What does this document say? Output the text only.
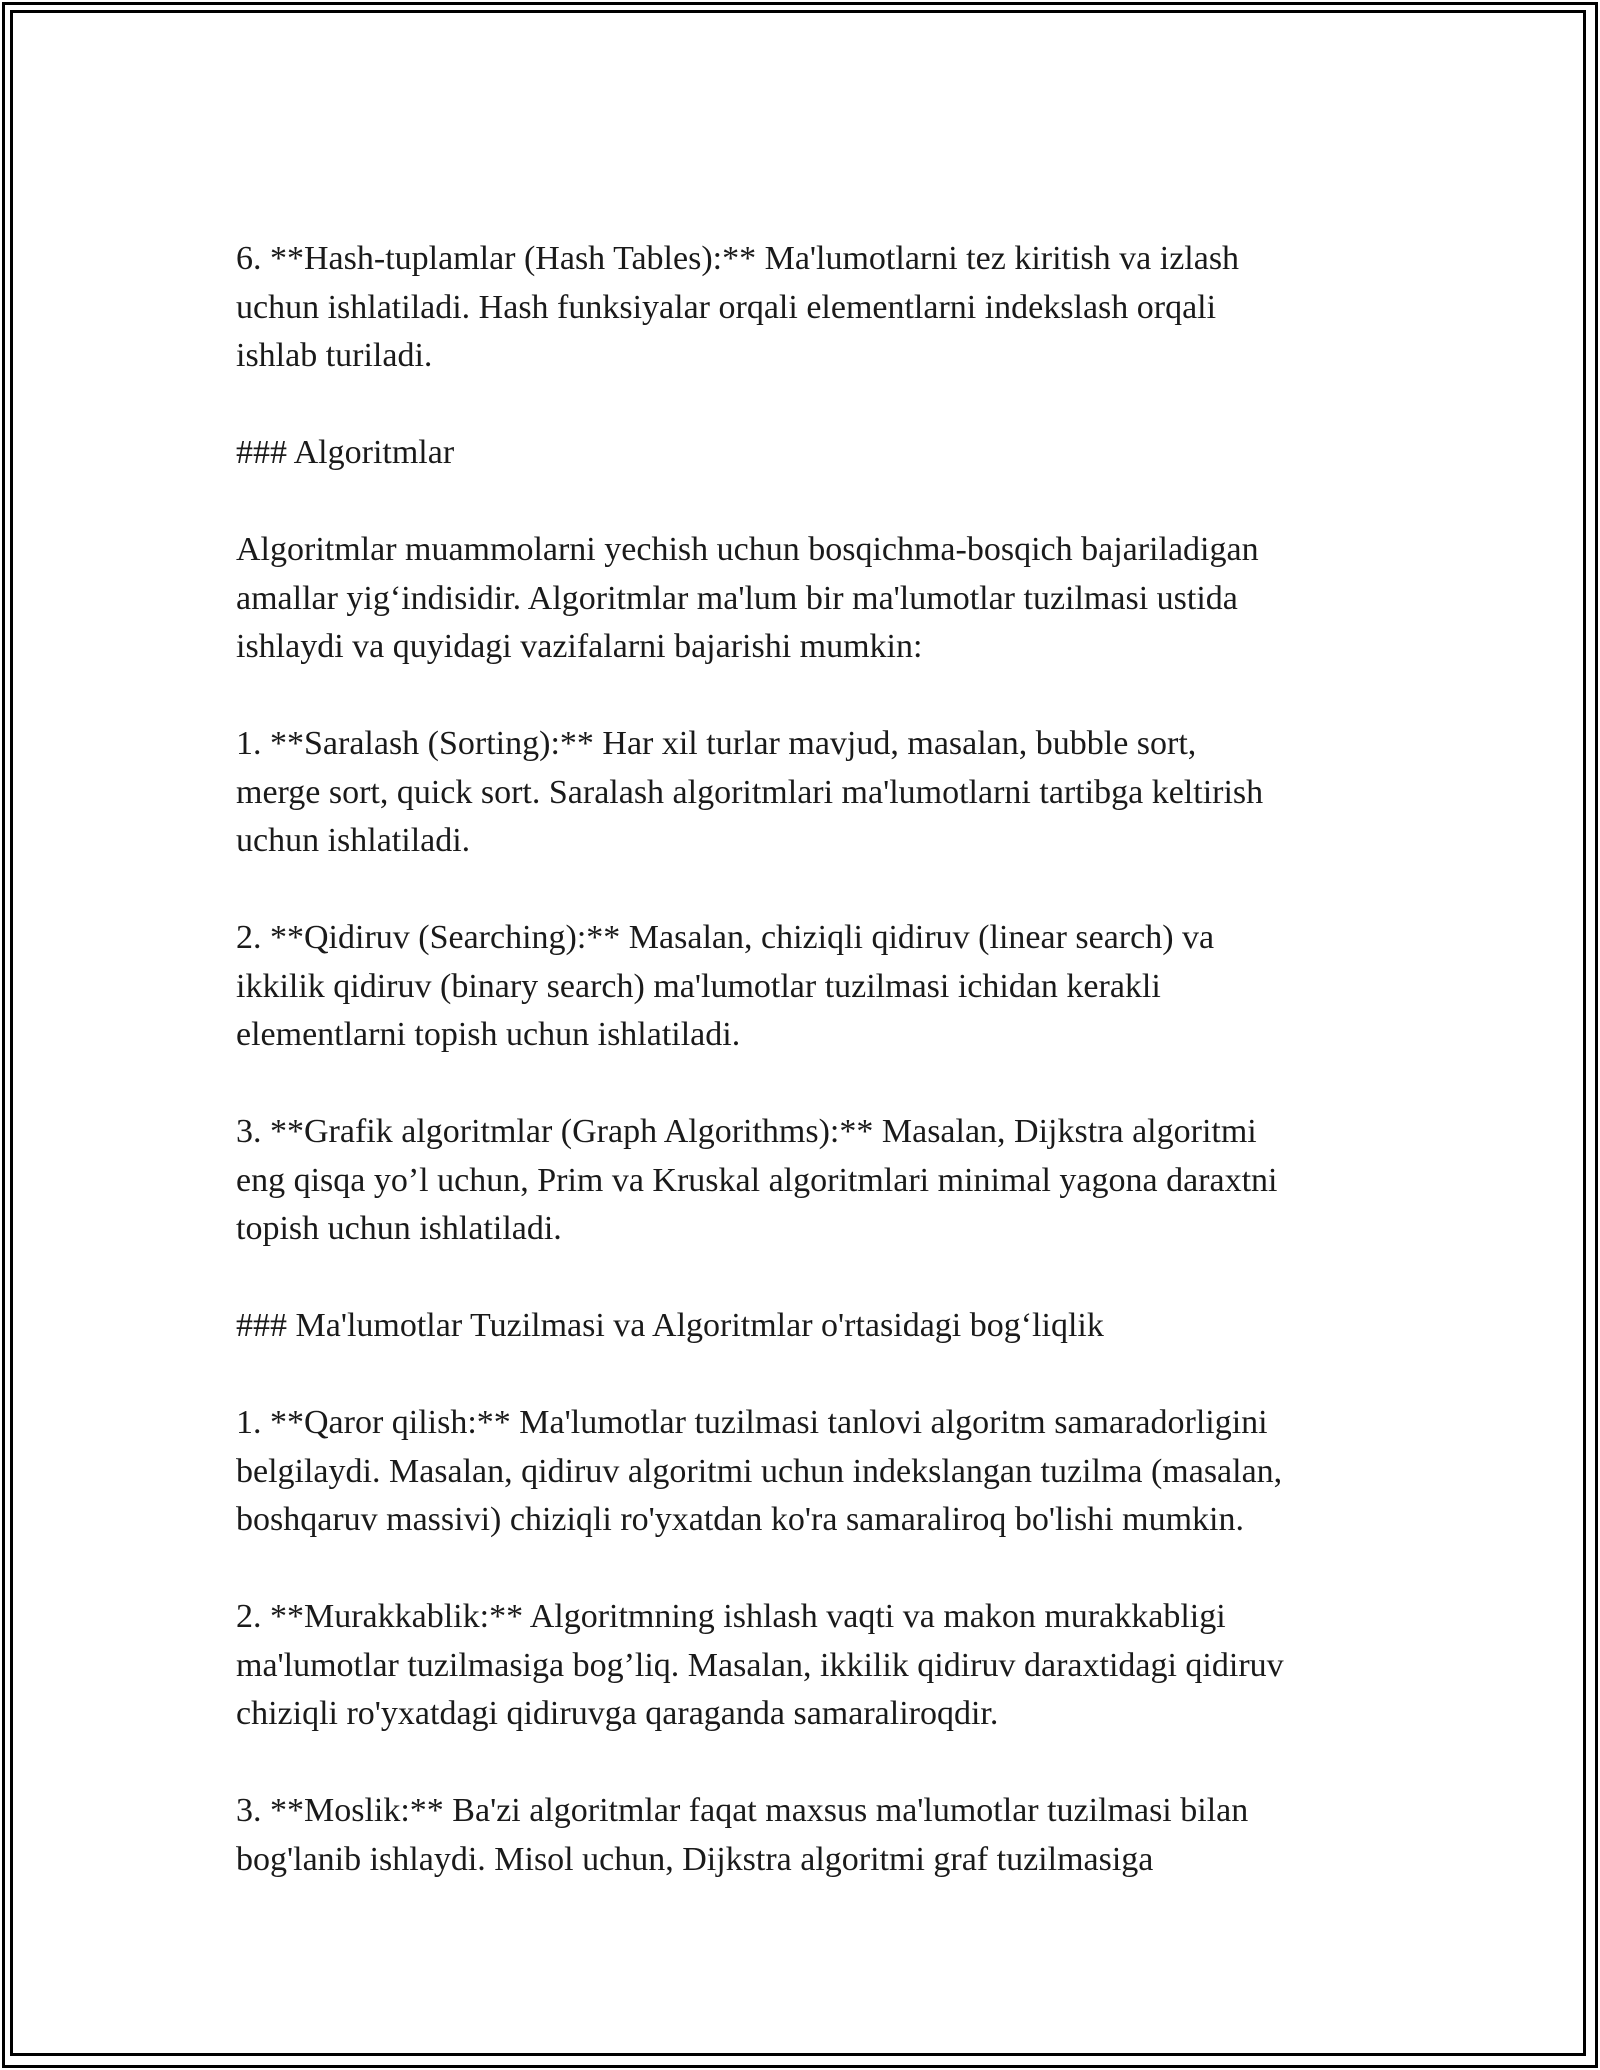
6. **Hash-tuplamlar (Hash Tables):** Ma'lumotlarni tez kiritish va izlash
uchun ishlatiladi. Hash funksiyalar orqali elementlarni indekslash orqali
ishlab turiladi.

### Algoritmlar

Algoritmlar muammolarni yechish uchun bosqichma-bosqich bajariladigan
amallar yig‘indisidir. Algoritmlar ma'lum bir ma'lumotlar tuzilmasi ustida
ishlaydi va quyidagi vazifalarni bajarishi mumkin:

1. **Saralash (Sorting):** Har xil turlar mavjud, masalan, bubble sort,
merge sort, quick sort. Saralash algoritmlari ma'lumotlarni tartibga keltirish
uchun ishlatiladi.

2. **Qidiruv (Searching):** Masalan, chiziqli qidiruv (linear search) va
ikkilik qidiruv (binary search) ma'lumotlar tuzilmasi ichidan kerakli
elementlarni topish uchun ishlatiladi.

3. **Grafik algoritmlar (Graph Algorithms):** Masalan, Dijkstra algoritmi
eng qisqa yo’l uchun, Prim va Kruskal algoritmlari minimal yagona daraxtni
topish uchun ishlatiladi.

### Ma'lumotlar Tuzilmasi va Algoritmlar o'rtasidagi bog‘liqlik

1. **Qaror qilish:** Ma'lumotlar tuzilmasi tanlovi algoritm samaradorligini
belgilaydi. Masalan, qidiruv algoritmi uchun indekslangan tuzilma (masalan,
boshqaruv massivi) chiziqli ro'yxatdan ko'ra samaraliroq bo'lishi mumkin.

2. **Murakkablik:** Algoritmning ishlash vaqti va makon murakkabligi
ma'lumotlar tuzilmasiga bog’liq. Masalan, ikkilik qidiruv daraxtidagi qidiruv
chiziqli ro'yxatdagi qidiruvga qaraganda samaraliroqdir.

3. **Moslik:** Ba'zi algoritmlar faqat maxsus ma'lumotlar tuzilmasi bilan
bog'lanib ishlaydi. Misol uchun, Dijkstra algoritmi graf tuzilmasiga
